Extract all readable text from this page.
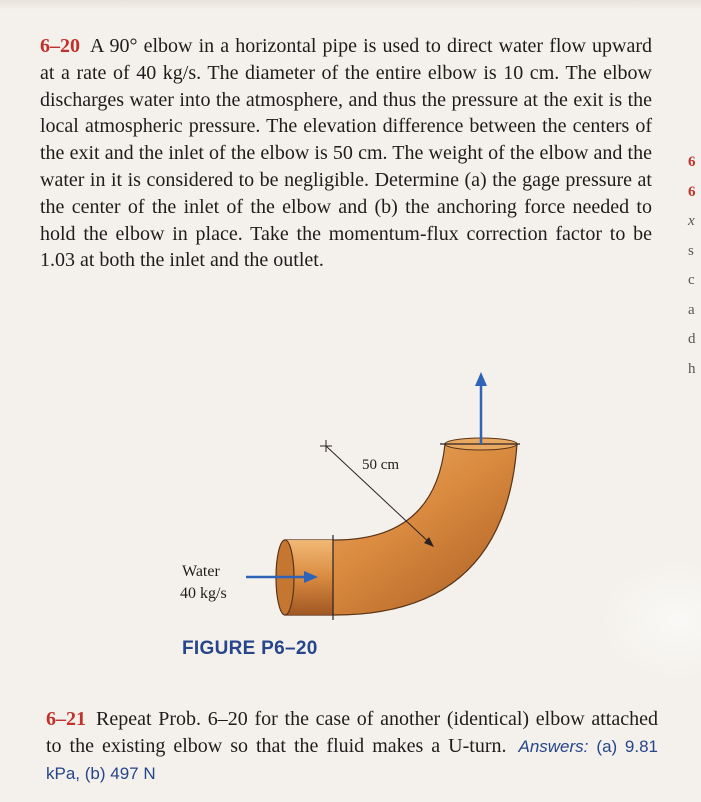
6–20 A 90° elbow in a horizontal pipe is used to direct water flow upward at a rate of 40 kg/s. The diameter of the entire elbow is 10 cm. The elbow discharges water into the atmosphere, and thus the pressure at the exit is the local atmospheric pressure. The elevation difference between the centers of the exit and the inlet of the elbow is 50 cm. The weight of the elbow and the water in it is considered to be negligible. Determine (a) the gage pressure at the center of the inlet of the elbow and (b) the anchoring force needed to hold the elbow in place. Take the momentum-flux correction factor to be 1.03 at both the inlet and the outlet.
6
6
x
s
c
a
d
h
Water
40 kg/s
50 cm
FIGURE P6–20
6–21 Repeat Prob. 6–20 for the case of another (identical) elbow attached to the existing elbow so that the fluid makes a U-turn. Answers: (a) 9.81 kPa, (b) 497 N
